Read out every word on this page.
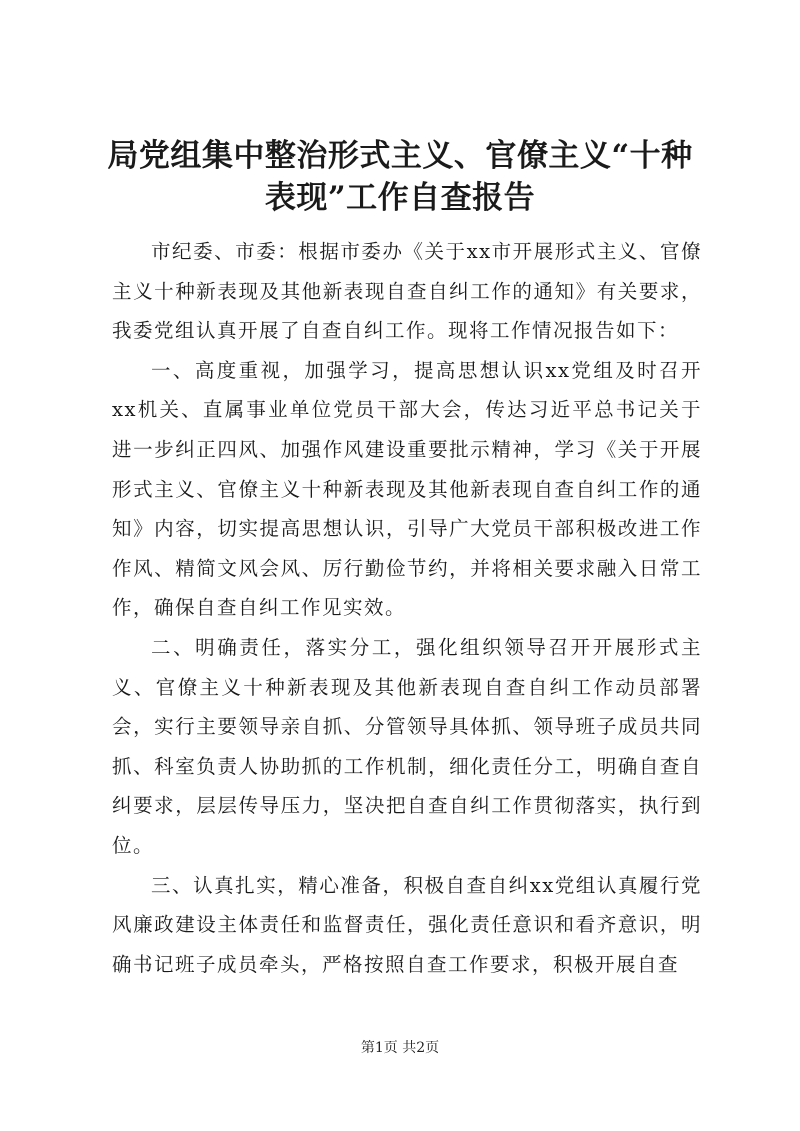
局党组集中整治形式主义、官僚主义“十种表现”工作自查报告

市纪委、市委：根据市委办《关于xx市开展形式主义、官僚主义十种新表现及其他新表现自查自纠工作的通知》有关要求，我委党组认真开展了自查自纠工作。现将工作情况报告如下：

一、高度重视，加强学习，提高思想认识xx党组及时召开xx机关、直属事业单位党员干部大会，传达习近平总书记关于进一步纠正四风、加强作风建设重要批示精神，学习《关于开展形式主义、官僚主义十种新表现及其他新表现自查自纠工作的通知》内容，切实提高思想认识，引导广大党员干部积极改进工作作风、精简文风会风、厉行勤俭节约，并将相关要求融入日常工作，确保自查自纠工作见实效。

二、明确责任，落实分工，强化组织领导召开开展形式主义、官僚主义十种新表现及其他新表现自查自纠工作动员部署会，实行主要领导亲自抓、分管领导具体抓、领导班子成员共同抓、科室负责人协助抓的工作机制，细化责任分工，明确自查自纠要求，层层传导压力，坚决把自查自纠工作贯彻落实，执行到位。

三、认真扎实，精心准备，积极自查自纠xx党组认真履行党风廉政建设主体责任和监督责任，强化责任意识和看齐意识，明确书记班子成员牵头，严格按照自查工作要求，积极开展自查

第1页 共2页
